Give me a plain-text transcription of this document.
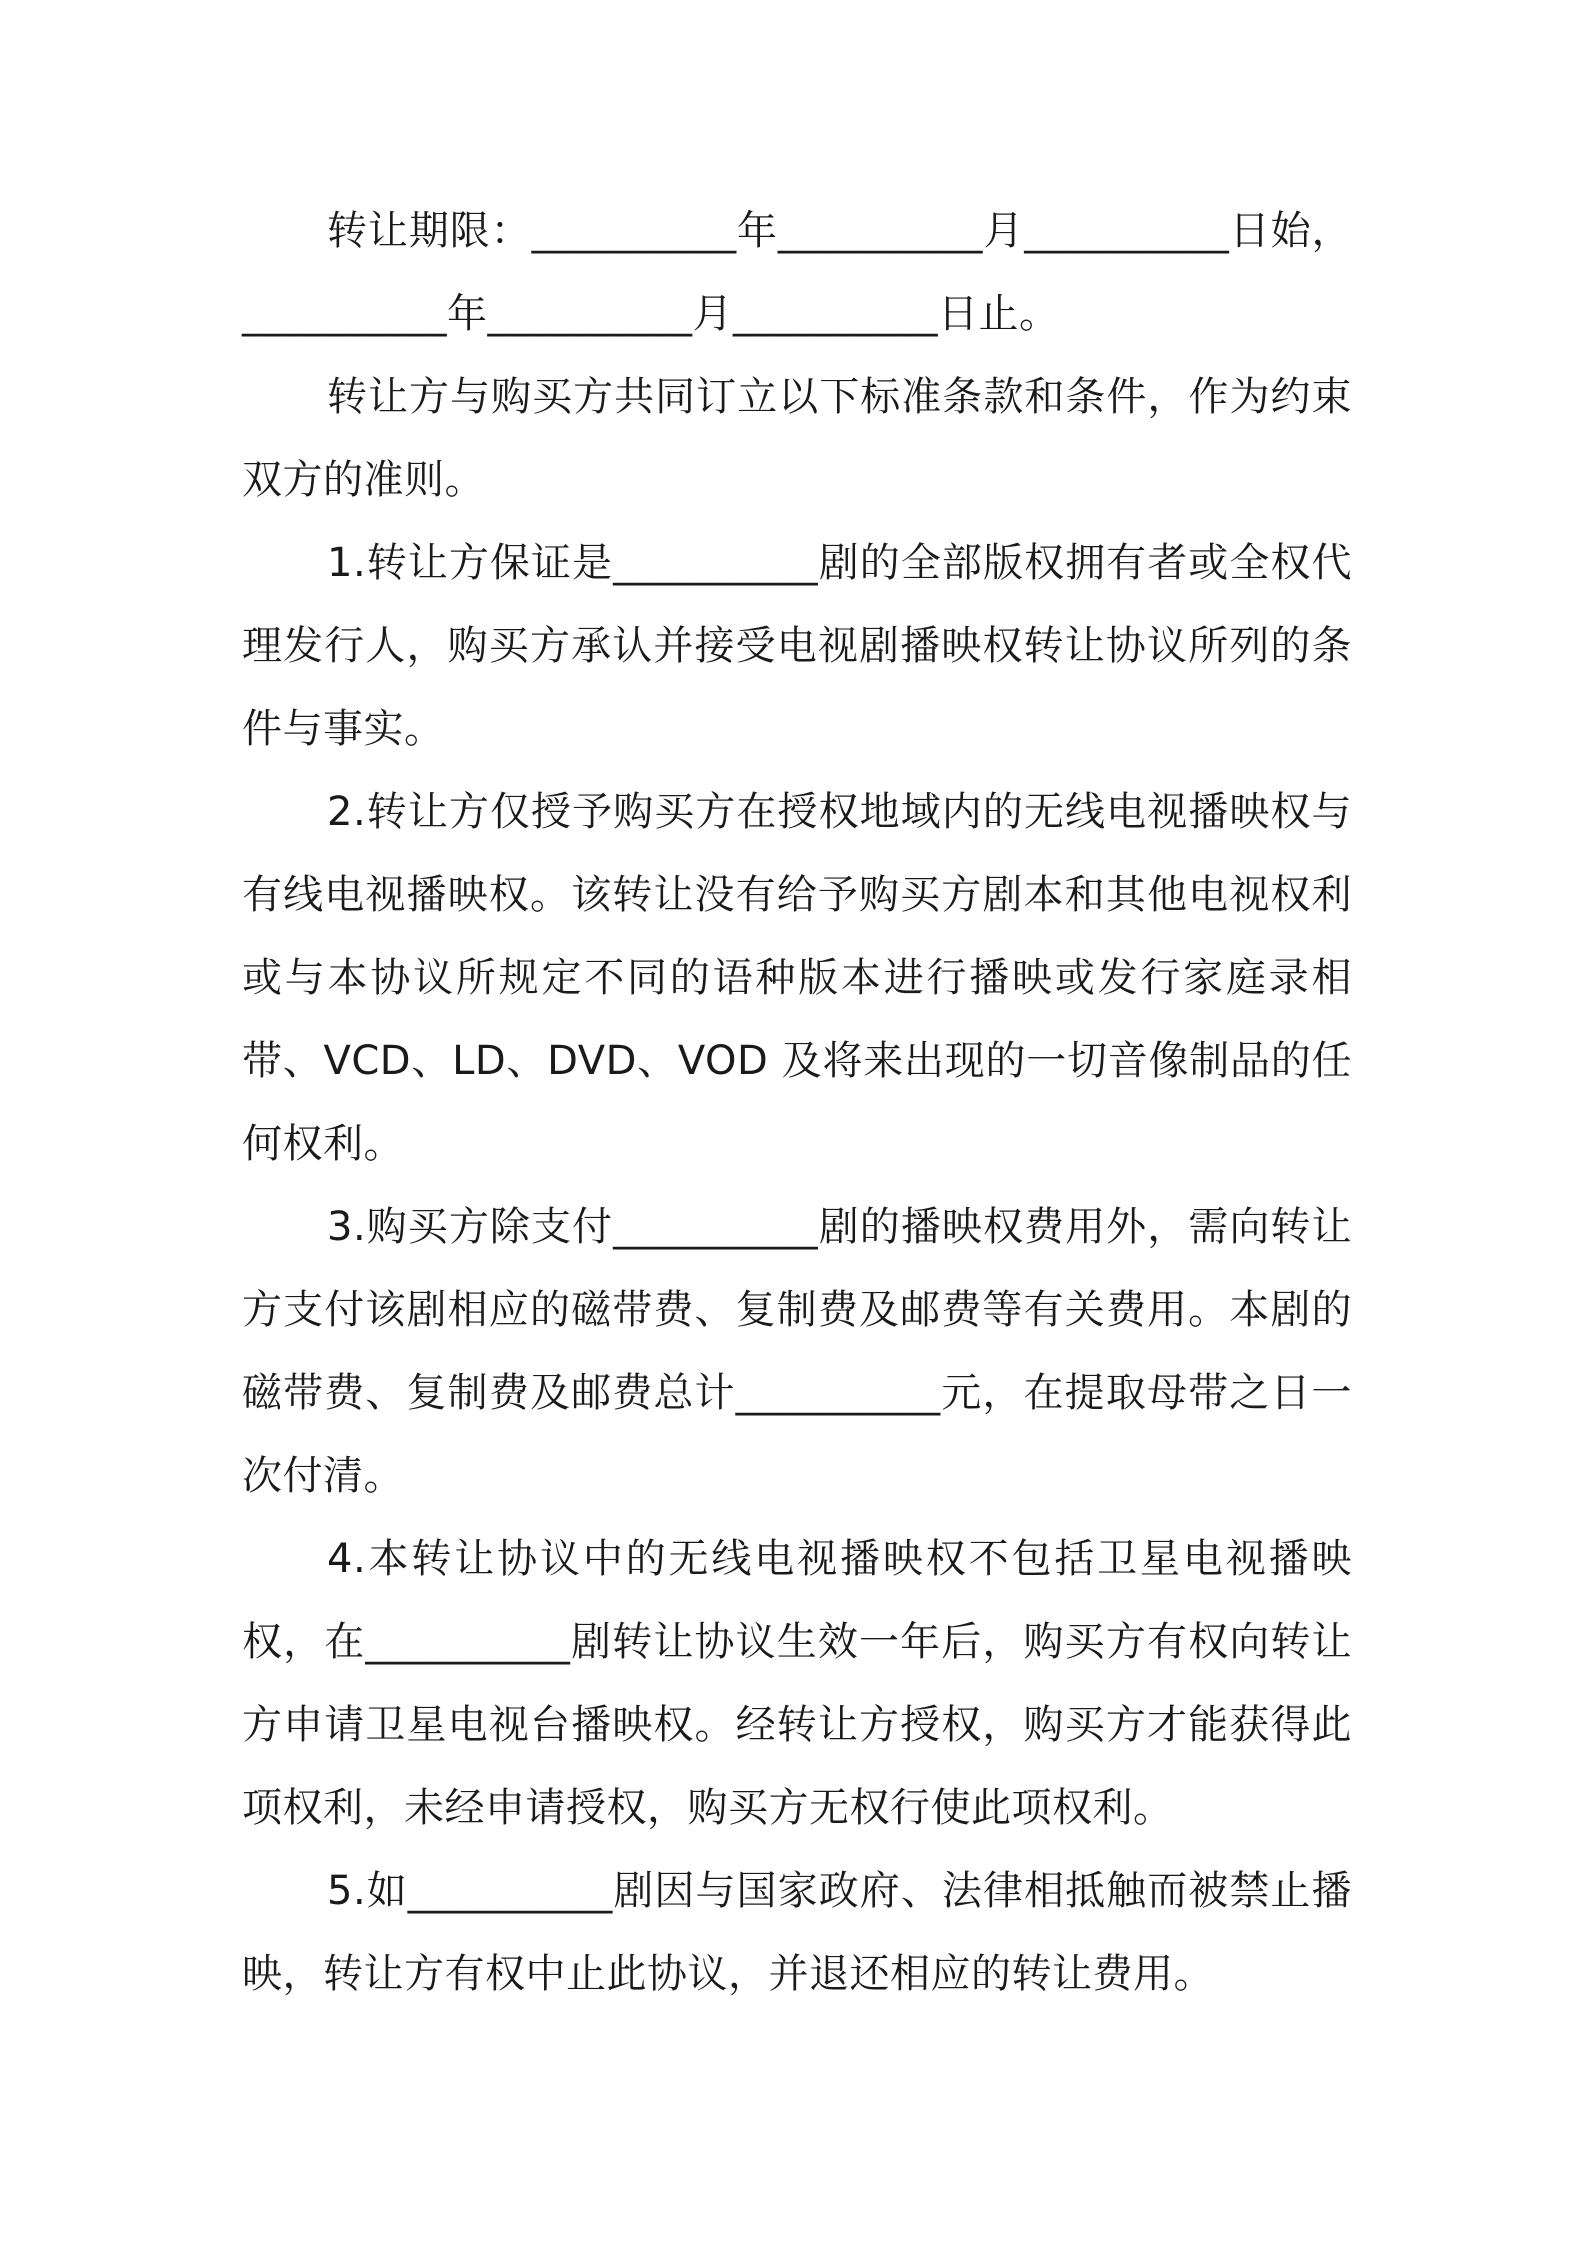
转让期限：__________年__________月__________日始，__________年__________月__________日止。

转让方与购买方共同订立以下标准条款和条件，作为约束双方的准则。

1.转让方保证是__________剧的全部版权拥有者或全权代理发行人，购买方承认并接受电视剧播映权转让协议所列的条件与事实。

2.转让方仅授予购买方在授权地域内的无线电视播映权与有线电视播映权。该转让没有给予购买方剧本和其他电视权利或与本协议所规定不同的语种版本进行播映或发行家庭录相带、VCD、LD、DVD、VOD 及将来出现的一切音像制品的任何权利。

3.购买方除支付__________剧的播映权费用外，需向转让方支付该剧相应的磁带费、复制费及邮费等有关费用。本剧的磁带费、复制费及邮费总计__________元，在提取母带之日一次付清。

4.本转让协议中的无线电视播映权不包括卫星电视播映权，在__________剧转让协议生效一年后，购买方有权向转让方申请卫星电视台播映权。经转让方授权，购买方才能获得此项权利，未经申请授权，购买方无权行使此项权利。

5.如__________剧因与国家政府、法律相抵触而被禁止播映，转让方有权中止此协议，并退还相应的转让费用。
